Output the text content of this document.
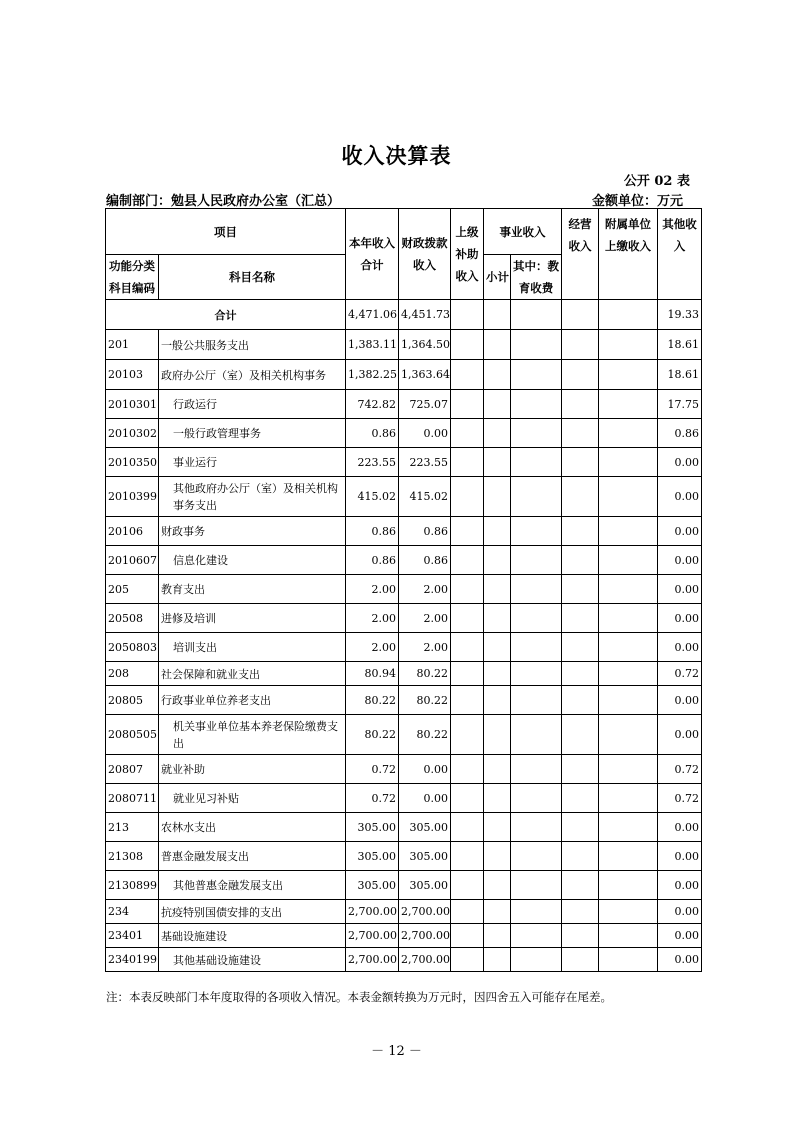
收入决算表
公开 02 表
编制部门：勉县人民政府办公室（汇总）	金额单位：万元
项目		本年收入合计	财政拨款收入	上级补助收入	事业收入		经营收入	附属单位上缴收入	其他收入
功能分类科目编码	科目名称				小计	其中：教育收费			

合计		4,471.06	4,451.73						19.33
201	一般公共服务支出	1,383.11	1,364.50						18.61
20103	政府办公厅（室）及相关机构事务	1,382.25	1,363.64						18.61
2010301	行政运行	742.82	725.07						17.75
2010302	一般行政管理事务	0.86	0.00						0.86
2010350	事业运行	223.55	223.55						0.00
2010399	其他政府办公厅（室）及相关机构事务支出	415.02	415.02						0.00
20106	财政事务	0.86	0.86						0.00
2010607	信息化建设	0.86	0.86						0.00
205	教育支出	2.00	2.00						0.00
20508	进修及培训	2.00	2.00						0.00
2050803	培训支出	2.00	2.00						0.00
208	社会保障和就业支出	80.94	80.22						0.72
20805	行政事业单位养老支出	80.22	80.22						0.00
2080505	机关事业单位基本养老保险缴费支出	80.22	80.22						0.00
20807	就业补助	0.72	0.00						0.72
2080711	就业见习补贴	0.72	0.00						0.72
213	农林水支出	305.00	305.00						0.00
21308	普惠金融发展支出	305.00	305.00						0.00
2130899	其他普惠金融发展支出	305.00	305.00						0.00
234	抗疫特别国债安排的支出	2,700.00	2,700.00						0.00
23401	基础设施建设	2,700.00	2,700.00						0.00
2340199	其他基础设施建设	2,700.00	2,700.00						0.00
注：本表反映部门本年度取得的各项收入情况。本表金额转换为万元时，因四舍五入可能存在尾差。
－ 12 －
